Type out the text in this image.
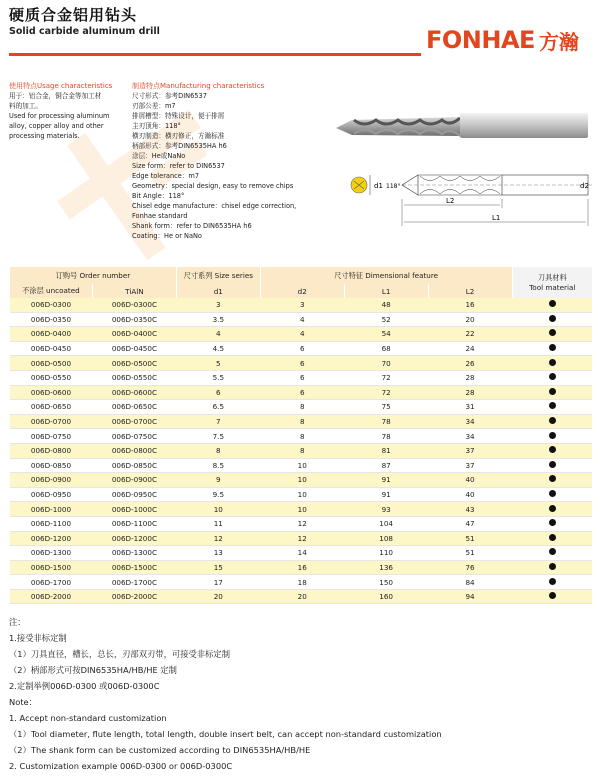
硬质合金铝用钻头
Solid carbide aluminum drill	FONHAE 方瀚
使用特点Usage characteristics
用于：铝合金，铜合金等加工材
料的加工。
Used for processing aluminum
alloy, copper alloy and other
processing materials.
制造特点Manufacturing characteristics
尺寸形式：参考DIN6537
刃部公差：m7
排屑槽型：特殊设计，便于排屑
主刃顶角：118°
横刃制造：横刃修正，方瀚标准
柄部形式：参考DIN6535HA h6
涂层：He或NaNo
Size form：refer to DIN6537
Edge tolerance：m7
Geometry：special design, easy to remove chips
Bit Angle：118°
Chisel edge manufacture：chisel edge correction,
Fonhae standard
Shank form：refer to DIN6535HA h6
Coating：He or NaNo
d1 118°	d2
L2
L1
订购号 Order number		尺寸系列 Size series	尺寸特征 Dimensional feature			刀具材料
Tool material

不涂层 uncoated	TiAlN	d1	d2	L1	L2	
006D-0300	006D-0300C	3	3	48	16	
006D-0350	006D-0350C	3.5	4	52	20	
006D-0400	006D-0400C	4	4	54	22	
006D-0450	006D-0450C	4.5	6	68	24	
006D-0500	006D-0500C	5	6	70	26	
006D-0550	006D-0550C	5.5	6	72	28	
006D-0600	006D-0600C	6	6	72	28	
006D-0650	006D-0650C	6.5	8	75	31	
006D-0700	006D-0700C	7	8	78	34	
006D-0750	006D-0750C	7.5	8	78	34	
006D-0800	006D-0800C	8	8	81	37	
006D-0850	006D-0850C	8.5	10	87	37	
006D-0900	006D-0900C	9	10	91	40	
006D-0950	006D-0950C	9.5	10	91	40	
006D-1000	006D-1000C	10	10	93	43	
006D-1100	006D-1100C	11	12	104	47	
006D-1200	006D-1200C	12	12	108	51	
006D-1300	006D-1300C	13	14	110	51	
006D-1500	006D-1500C	15	16	136	76	
006D-1700	006D-1700C	17	18	150	84	
006D-2000	006D-2000C	20	20	160	94	
注：
1.接受非标定制
（1）刀具直径，槽长，总长，刃部双刃带，可接受非标定制
（2）柄部形式可按DIN6535HA/HB/HE 定制
2.定制举例006D-0300 或006D-0300C
Note：
1. Accept non-standard customization
（1）Tool diameter, flute length, total length, double insert belt, can accept non-standard customization
（2）The shank form can be customized according to DIN6535HA/HB/HE
2. Customization example 006D-0300 or 006D-0300C
